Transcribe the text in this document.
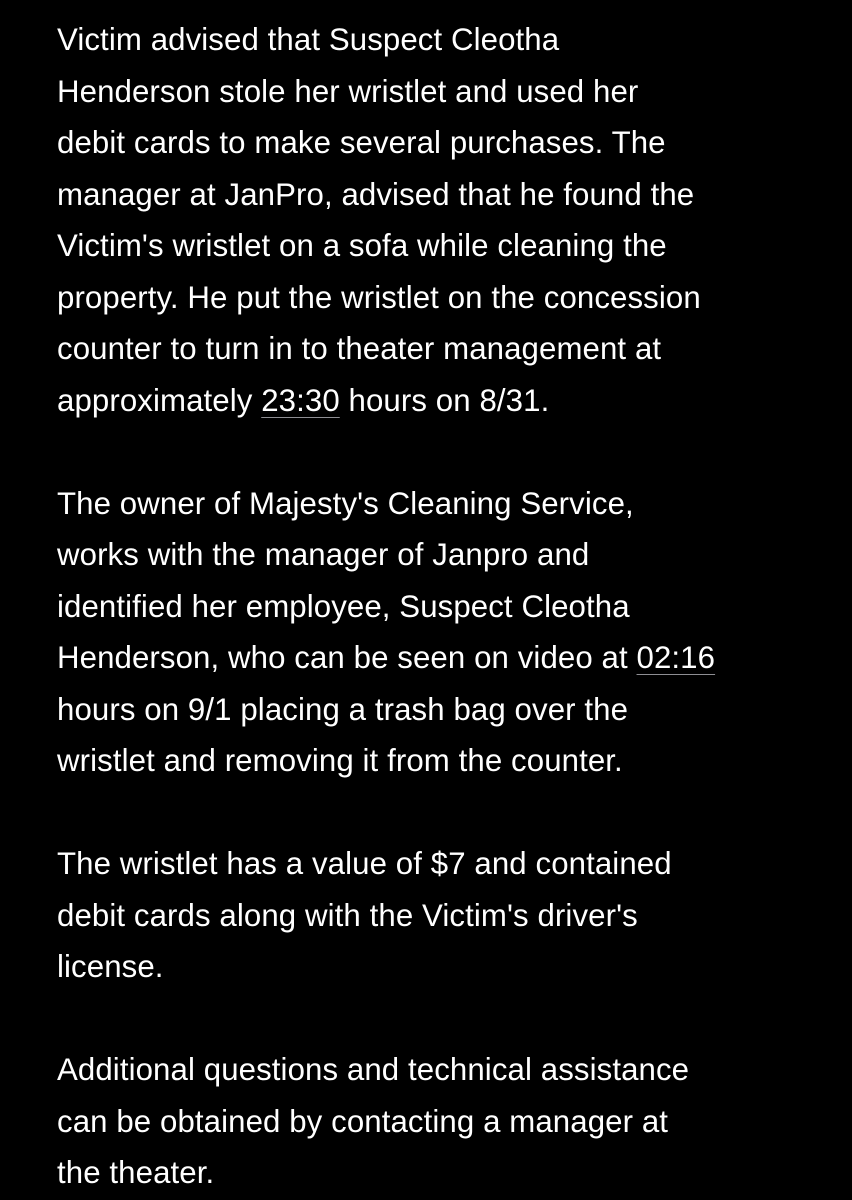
Victim advised that Suspect Cleotha
Henderson stole her wristlet and used her
debit cards to make several purchases. The
manager at JanPro, advised that he found the
Victim's wristlet on a sofa while cleaning the
property. He put the wristlet on the concession
counter to turn in to theater management at
approximately 23:30 hours on 8/31.
The owner of Majesty's Cleaning Service,
works with the manager of Janpro and
identified her employee, Suspect Cleotha
Henderson, who can be seen on video at 02:16
hours on 9/1 placing a trash bag over the
wristlet and removing it from the counter.
The wristlet has a value of $7 and contained
debit cards along with the Victim's driver's
license.
Additional questions and technical assistance
can be obtained by contacting a manager at
the theater.
